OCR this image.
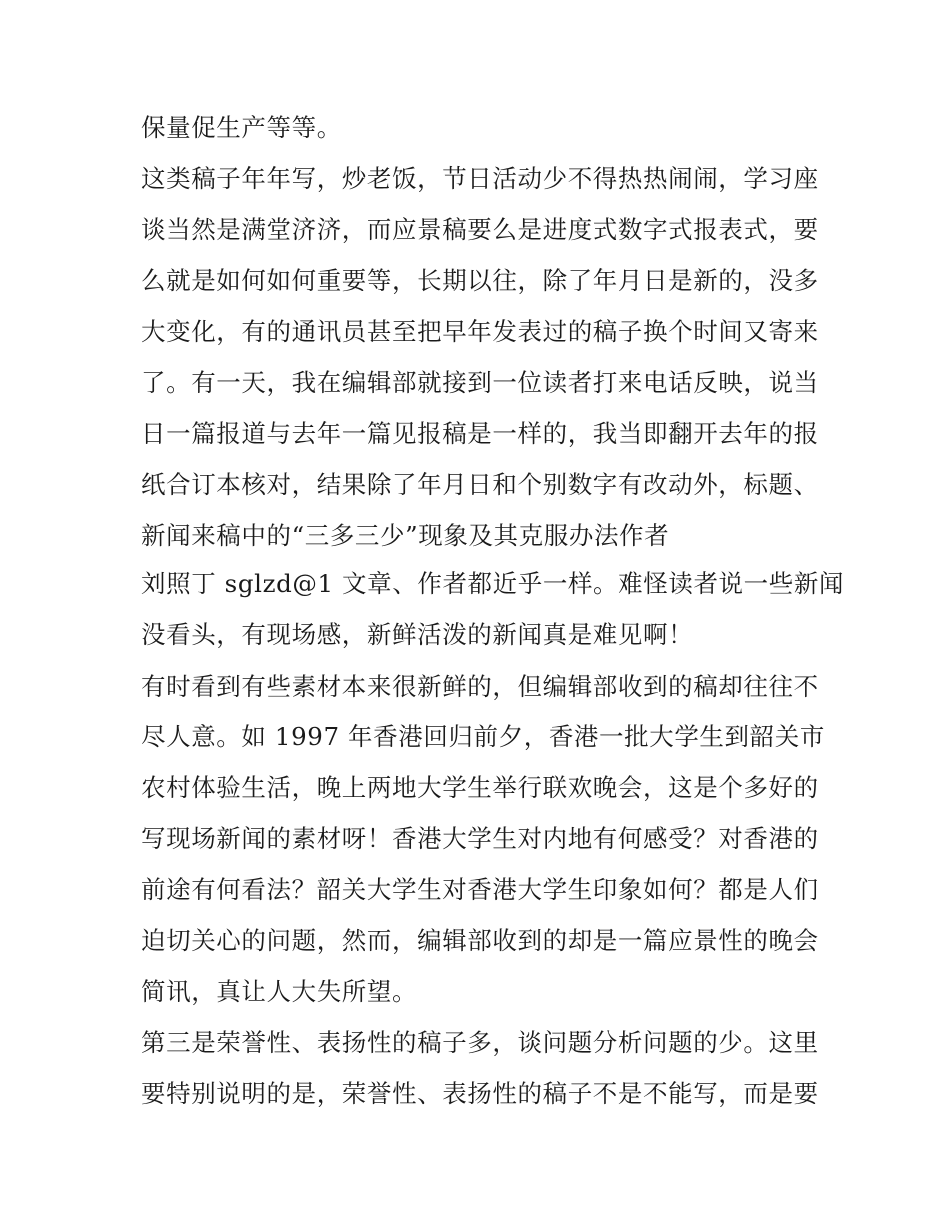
保量促生产等等。
这类稿子年年写，炒老饭，节日活动少不得热热闹闹，学习座
谈当然是满堂济济，而应景稿要么是进度式数字式报表式，要
么就是如何如何重要等，长期以往，除了年月日是新的，没多
大变化，有的通讯员甚至把早年发表过的稿子换个时间又寄来
了。有一天，我在编辑部就接到一位读者打来电话反映，说当
日一篇报道与去年一篇见报稿是一样的，我当即翻开去年的报
纸合订本核对，结果除了年月日和个别数字有改动外，标题、
新闻来稿中的“三多三少”现象及其克服办法作者
刘照丁 sglzd@1 文章、作者都近乎一样。难怪读者说一些新闻
没看头，有现场感，新鲜活泼的新闻真是难见啊！
有时看到有些素材本来很新鲜的，但编辑部收到的稿却往往不
尽人意。如 1997 年香港回归前夕，香港一批大学生到韶关市
农村体验生活，晚上两地大学生举行联欢晚会，这是个多好的
写现场新闻的素材呀！香港大学生对内地有何感受？对香港的
前途有何看法？韶关大学生对香港大学生印象如何？都是人们
迫切关心的问题，然而，编辑部收到的却是一篇应景性的晚会
简讯，真让人大失所望。
第三是荣誉性、表扬性的稿子多，谈问题分析问题的少。这里
要特别说明的是，荣誉性、表扬性的稿子不是不能写，而是要
